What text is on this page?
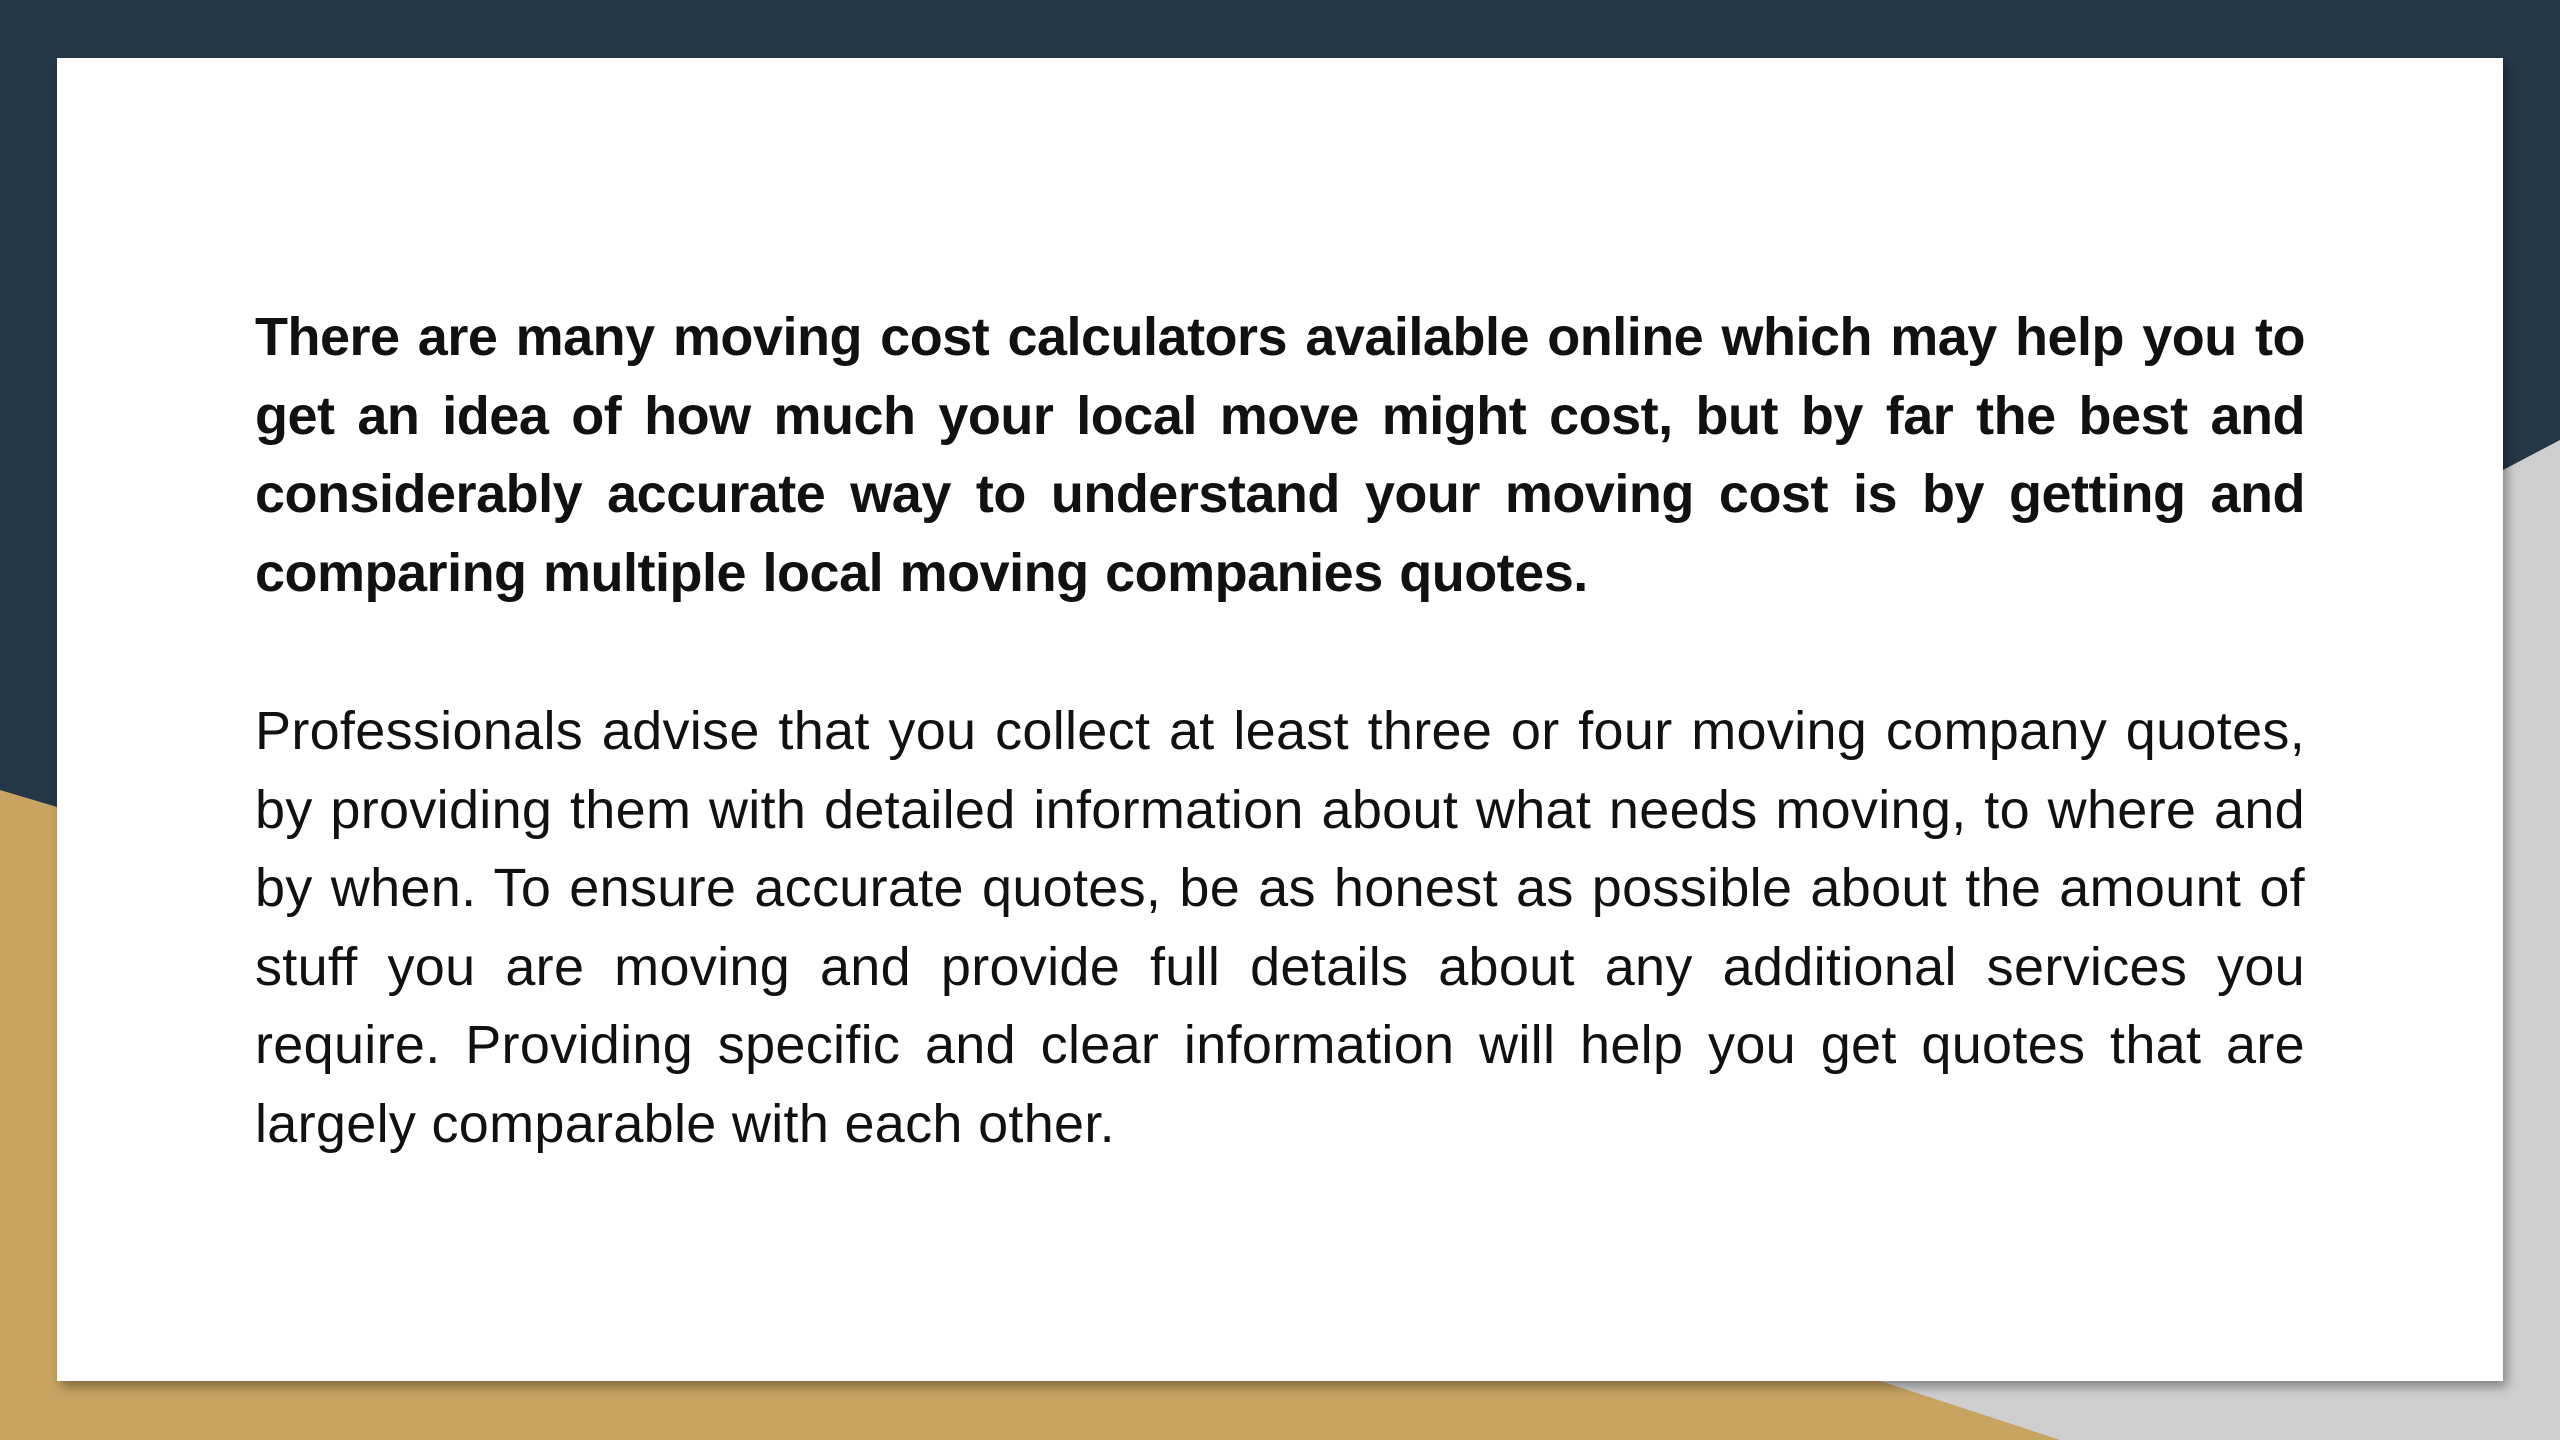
There are many moving cost calculators available online which may help you to get an idea of how much your local move might cost, but by far the best and considerably accurate way to understand your moving cost is by getting and comparing multiple local moving companies quotes.

Professionals advise that you collect at least three or four moving company quotes, by providing them with detailed information about what needs moving, to where and by when. To ensure accurate quotes, be as honest as possible about the amount of stuff you are moving and provide full details about any additional services you require. Providing specific and clear information will help you get quotes that are largely comparable with each other.
